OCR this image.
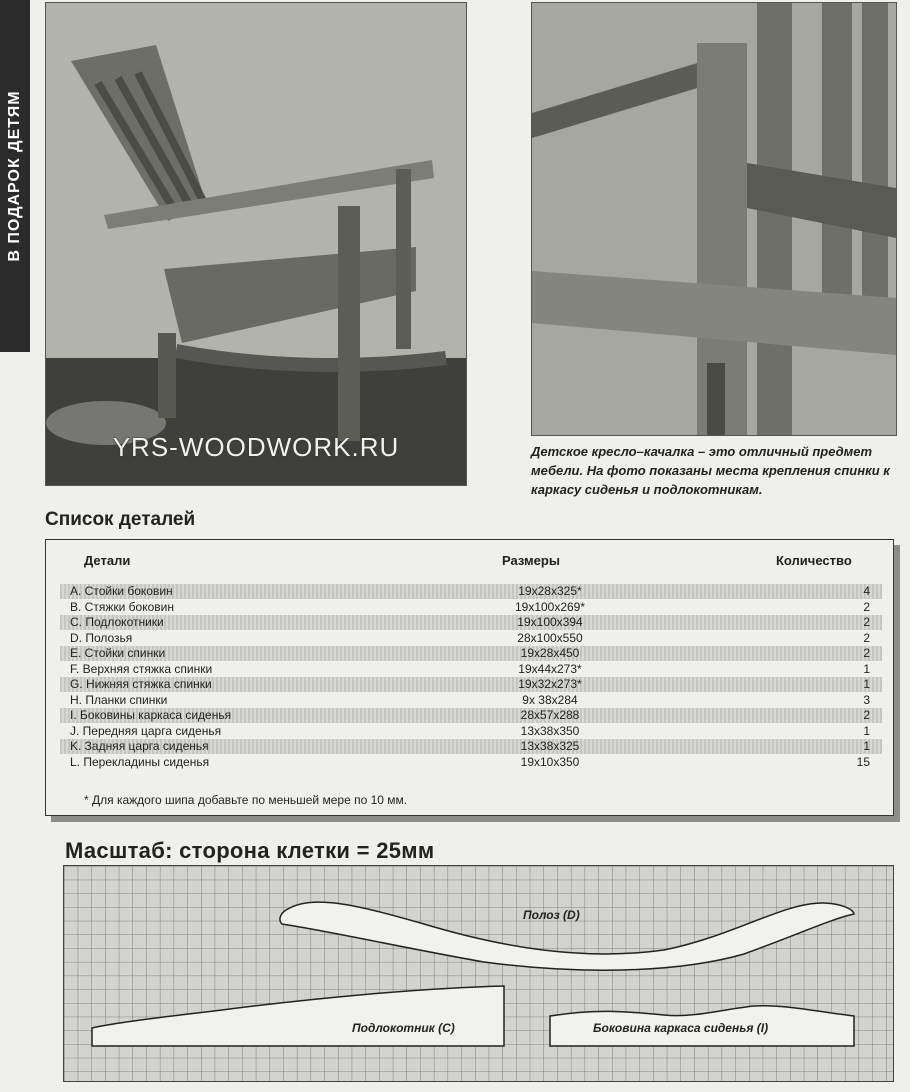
В ПОДАРОК ДЕТЯМ
YRS-WOODWORK.RU	Детское кресло–качалка – это отличный предмет мебели. На фото показаны места крепления спинки к каркасу сиденья и подлокотникам.
Список деталей
Детали	Размеры	Количество
A. Стойки боковин	19x28x325*	4
B. Стяжки боковин	19x100x269*	2
C. Подлокотники	19x100x394	2
D. Полозья	28x100x550	2
E. Стойки спинки	19x28x450	2
F. Верхняя стяжка спинки	19x44x273*	1
G. Нижняя стяжка спинки	19x32x273*	1
H. Планки спинки	9x 38x284	3
I. Боковины каркаса сиденья	28x57x288	2
J. Передняя царга сиденья	13x38x350	1
K. Задняя царга сиденья	13x38x325	1
L. Перекладины сиденья	19x10x350	15
* Для каждого шипа добавьте по меньшей мере по 10 мм.
Масштаб: сторона клетки = 25мм
Полоз (D)
Подлокотник (C)	Боковина каркаса сиденья (I)
